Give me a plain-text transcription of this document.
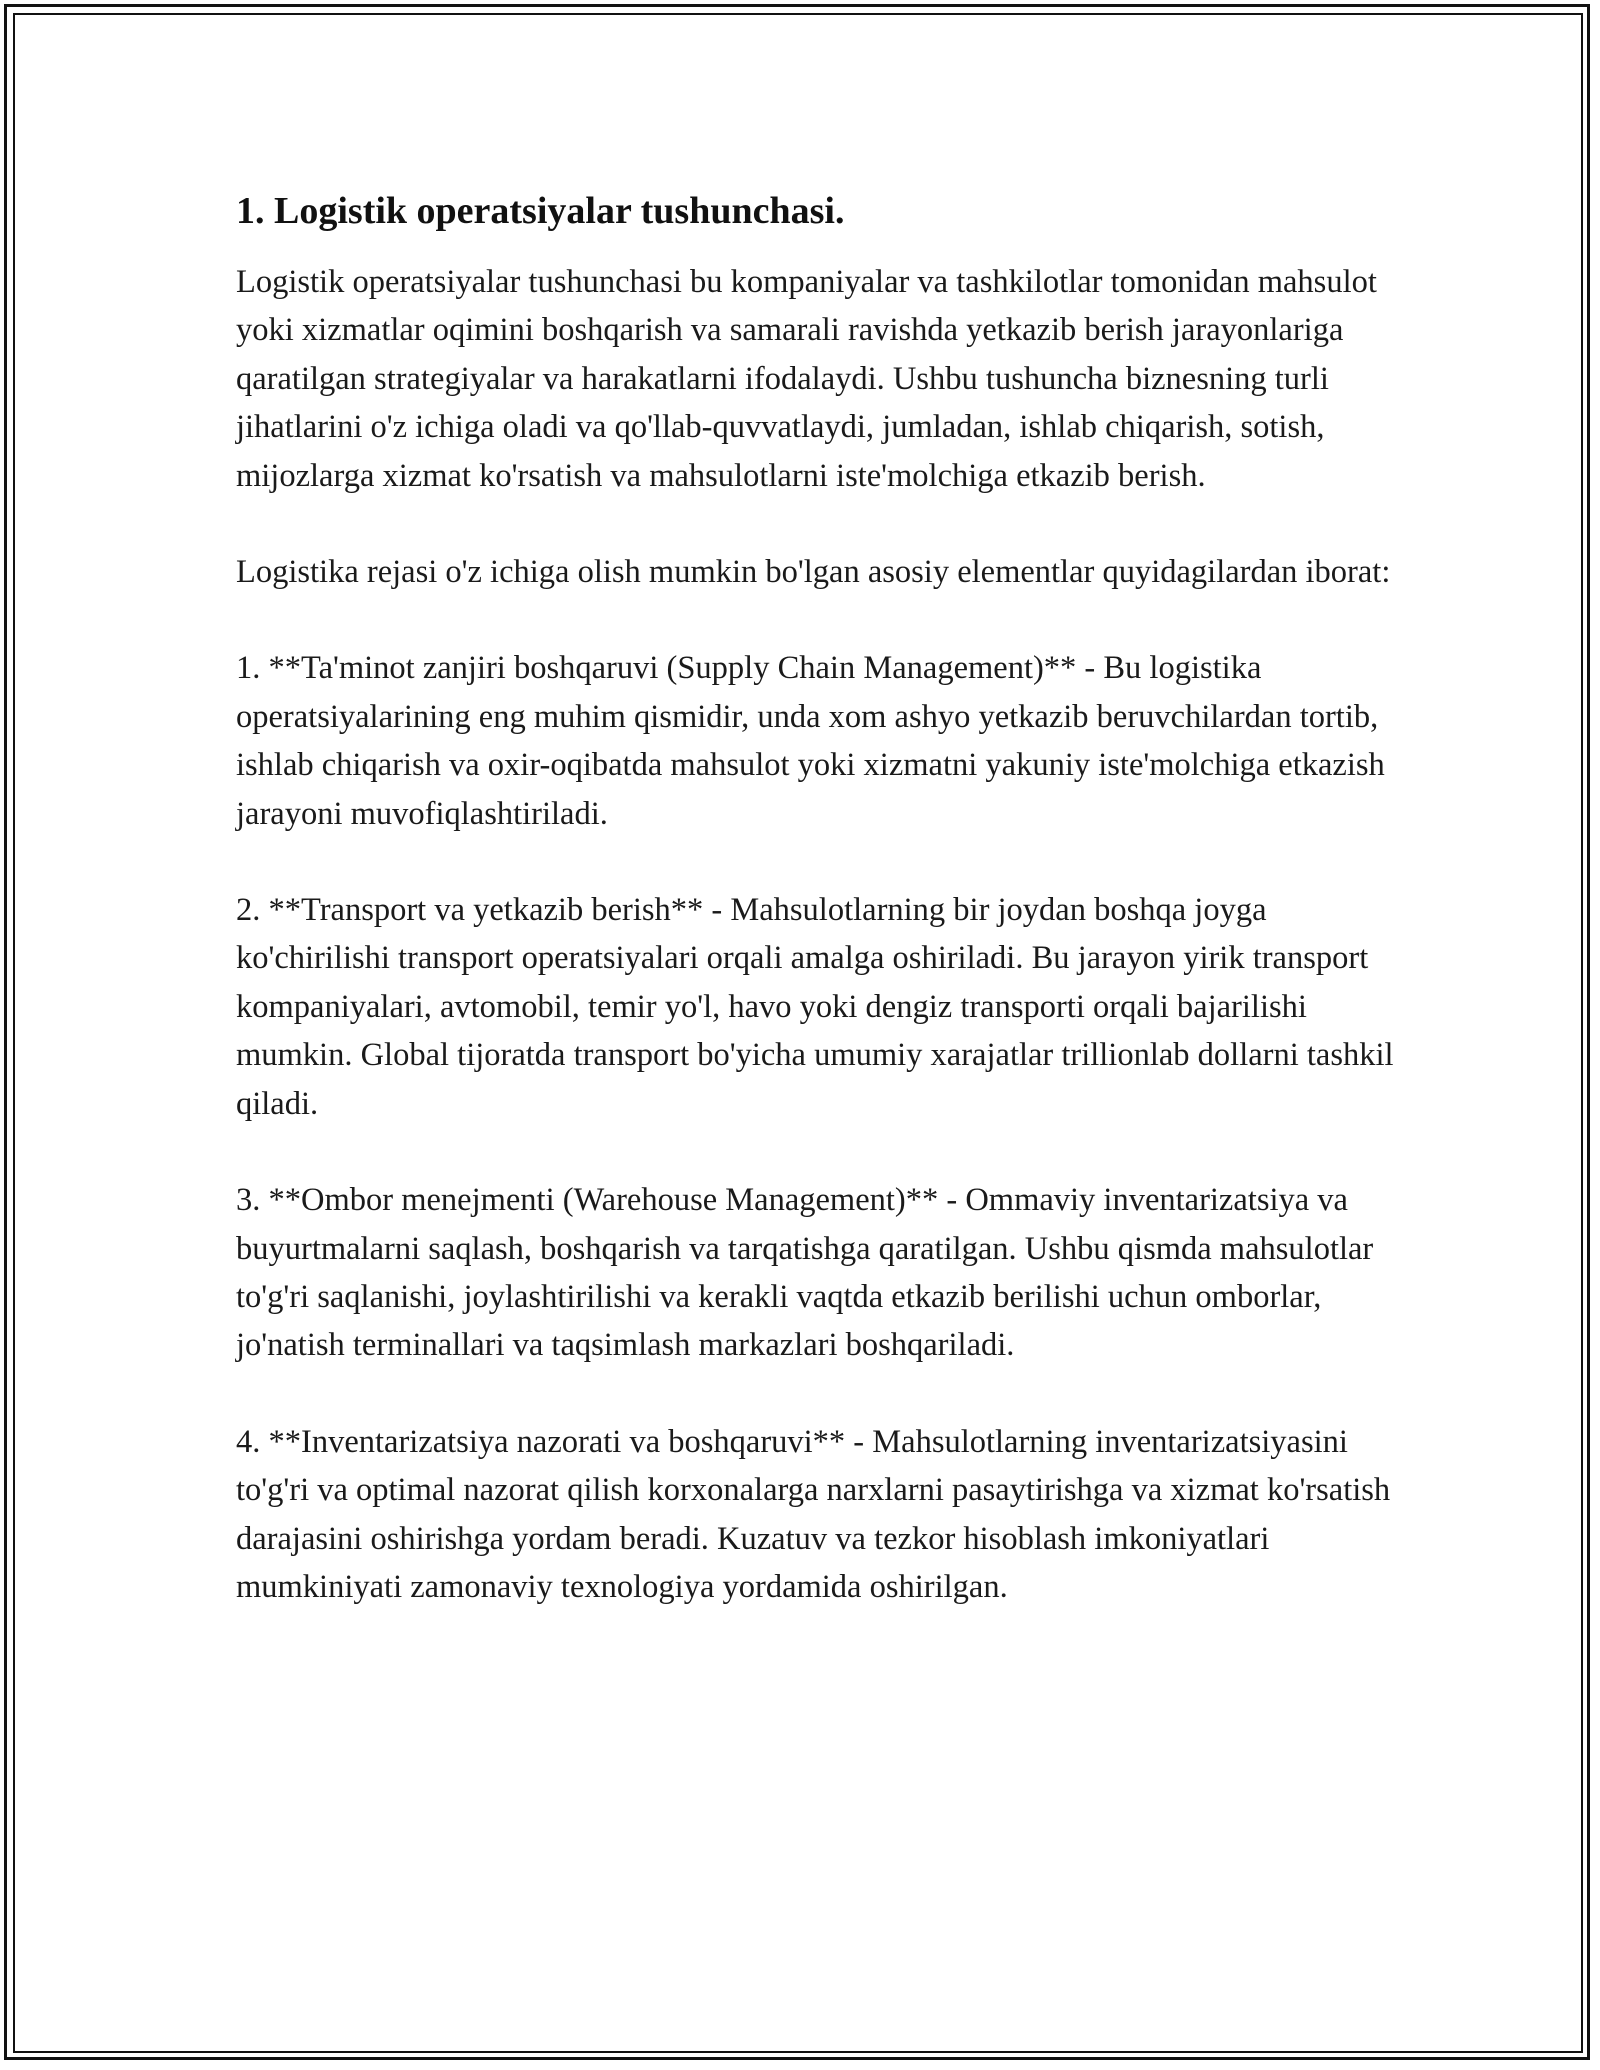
1. Logistik operatsiyalar tushunchasi.

Logistik operatsiyalar tushunchasi bu kompaniyalar va tashkilotlar tomonidan mahsulot yoki xizmatlar oqimini boshqarish va samarali ravishda yetkazib berish jarayonlariga qaratilgan strategiyalar va harakatlarni ifodalaydi. Ushbu tushuncha biznesning turli jihatlarini o'z ichiga oladi va qo'llab-quvvatlaydi, jumladan, ishlab chiqarish, sotish, mijozlarga xizmat ko'rsatish va mahsulotlarni iste'molchiga etkazib berish.

Logistika rejasi o'z ichiga olish mumkin bo'lgan asosiy elementlar quyidagilardan iborat:

1. **Ta'minot zanjiri boshqaruvi (Supply Chain Management)** - Bu logistika operatsiyalarining eng muhim qismidir, unda xom ashyo yetkazib beruvchilardan tortib, ishlab chiqarish va oxir-oqibatda mahsulot yoki xizmatni yakuniy iste'molchiga etkazish jarayoni muvofiqlashtiriladi.

2. **Transport va yetkazib berish** - Mahsulotlarning bir joydan boshqa joyga ko'chirilishi transport operatsiyalari orqali amalga oshiriladi. Bu jarayon yirik transport kompaniyalari, avtomobil, temir yo'l, havo yoki dengiz transporti orqali bajarilishi mumkin. Global tijoratda transport bo'yicha umumiy xarajatlar trillionlab dollarni tashkil qiladi.

3. **Ombor menejmenti (Warehouse Management)** - Ommaviy inventarizatsiya va buyurtmalarni saqlash, boshqarish va tarqatishga qaratilgan. Ushbu qismda mahsulotlar to'g'ri saqlanishi, joylashtirilishi va kerakli vaqtda etkazib berilishi uchun omborlar, jo'natish terminallari va taqsimlash markazlari boshqariladi.

4. **Inventarizatsiya nazorati va boshqaruvi** - Mahsulotlarning inventarizatsiyasini to'g'ri va optimal nazorat qilish korxonalarga narxlarni pasaytirishga va xizmat ko'rsatish darajasini oshirishga yordam beradi. Kuzatuv va tezkor hisoblash imkoniyatlari mumkiniyati zamonaviy texnologiya yordamida oshirilgan.
